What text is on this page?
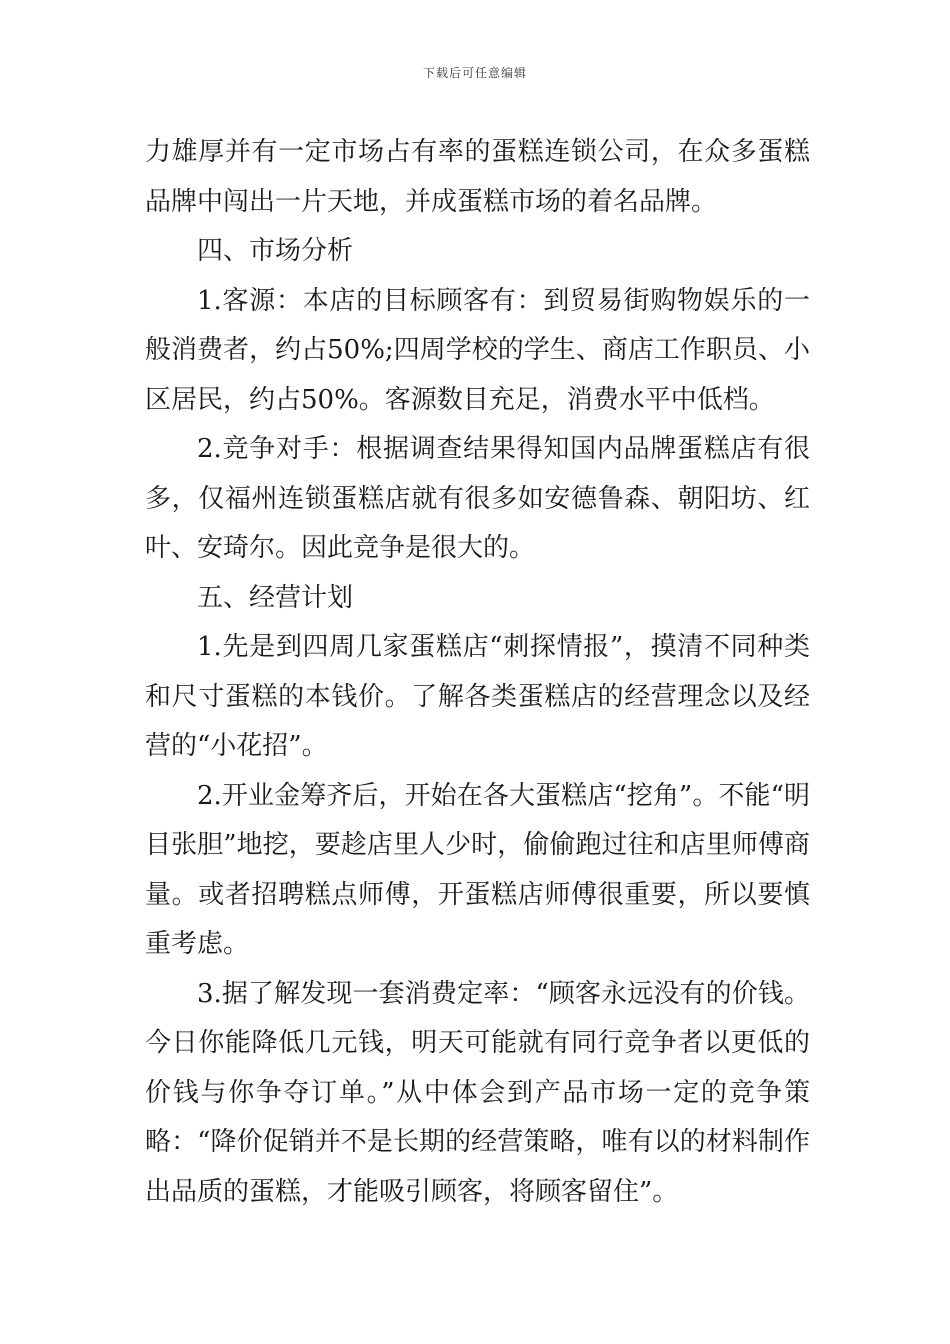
下载后可任意编辑

力雄厚并有一定市场占有率的蛋糕连锁公司，在众多蛋糕品牌中闯出一片天地，并成蛋糕市场的着名品牌。

四、市场分析

1.客源：本店的目标顾客有：到贸易街购物娱乐的一般消费者，约占50%;四周学校的学生、商店工作职员、小区居民，约占50%。客源数目充足，消费水平中低档。

2.竞争对手：根据调查结果得知国内品牌蛋糕店有很多，仅福州连锁蛋糕店就有很多如安德鲁森、朝阳坊、红叶、安琦尔。因此竞争是很大的。

五、经营计划

1.先是到四周几家蛋糕店“刺探情报”，摸清不同种类和尺寸蛋糕的本钱价。了解各类蛋糕店的经营理念以及经营的“小花招”。

2.开业金筹齐后，开始在各大蛋糕店“挖角”。不能“明目张胆”地挖，要趁店里人少时，偷偷跑过往和店里师傅商量。或者招聘糕点师傅，开蛋糕店师傅很重要，所以要慎重考虑。

3.据了解发现一套消费定率：“顾客永远没有的价钱。今日你能降低几元钱，明天可能就有同行竞争者以更低的价钱与你争夺订单。”从中体会到产品市场一定的竞争策略：“降价促销并不是长期的经营策略，唯有以的材料制作出品质的蛋糕，才能吸引顾客，将顾客留住”。
